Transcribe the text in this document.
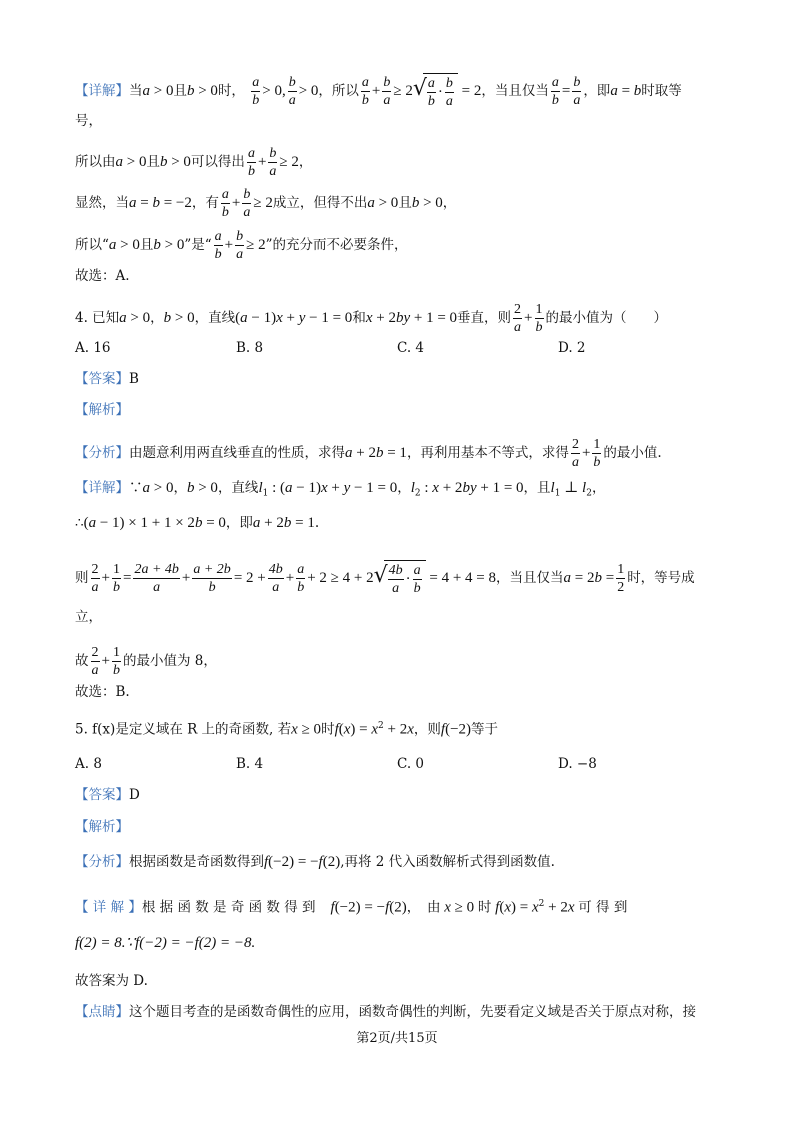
【详解】当a > 0且b > 0时， $\frac{a}{b} > 0$, $\frac{b}{a} > 0$，所以 $\frac{a}{b} + \frac{b}{a} \ge 2$ √ $\frac{a}{b} \cdot \frac{b}{a} = 2$，当且仅当 $\frac{a}{b} = \frac{b}{a}$ ，即a = b时取等
号，
所以由a > 0且b > 0可以得出 $\frac{a}{b} + \frac{b}{a} \ge 2$，
显然，当a = b = −2，有 $\frac{a}{b} + \frac{b}{a} \ge 2$成立，但得不出a > 0且b > 0，
所以“a > 0且b > 0”是“ $\frac{a}{b} + \frac{b}{a} \ge 2$”的充分而不必要条件，
故选：A.
4. 已知a > 0，b > 0，直线(a − 1)x + y − 1 = 0和x + 2by + 1 = 0垂直，则 $\frac{2}{a} + \frac{1}{b}$ 的最小值为（　　）
A. 16	B. 8	C. 4	D. 2
【答案】B
【解析】
【分析】由题意利用两直线垂直的性质，求得a + 2b = 1，再利用基本不等式，求得 $\frac{2}{a} + \frac{1}{b}$ 的最小值.
【详解】∵a > 0，b > 0，直线$l_1$ : (a − 1)x + y − 1 = 0，$l_2$ : x + 2by + 1 = 0，且$l_1$ ⊥ $l_2$，
∴(a − 1) × 1 + 1 × 2b = 0，即a + 2b = 1.
则 $\frac{2}{a} + \frac{1}{b} = \frac{2a + 4b}{a} + \frac{a + 2b}{b} = 2 + \frac{4b}{a} + \frac{a}{b} + 2 \ge 4 + 2$ √ $\frac{4b}{a} \cdot \frac{a}{b} = 4 + 4 = 8$，当且仅当$a = 2b = \frac{1}{2}$ 时，等号成
立，
故 $\frac{2}{a} + \frac{1}{b}$ 的最小值为 8，
故选：B.
5. f(x)是定义域在 R 上的奇函数, 若x ≥ 0时$f(x) = x^2 + 2x$，则f(−2)等于
A. 8	B. 4	C. 0	D. −8
【答案】D
【解析】
【分析】根据函数是奇函数得到f(−2) = −f(2),再将 2 代入函数解析式得到函数值.
【 详 解 】根 据 函 数 是 奇 函 数 得 到　 f(−2) = −f(2)，　由 x ≥ 0 时 $f(x) = x^2 + 2x$ 可 得 到
f(2) = 8.∵f(−2) = −f(2) = −8.
故答案为 D.
【点睛】这个题目考查的是函数奇偶性的应用，函数奇偶性的判断，先要看定义域是否关于原点对称，接
第2页/共15页
